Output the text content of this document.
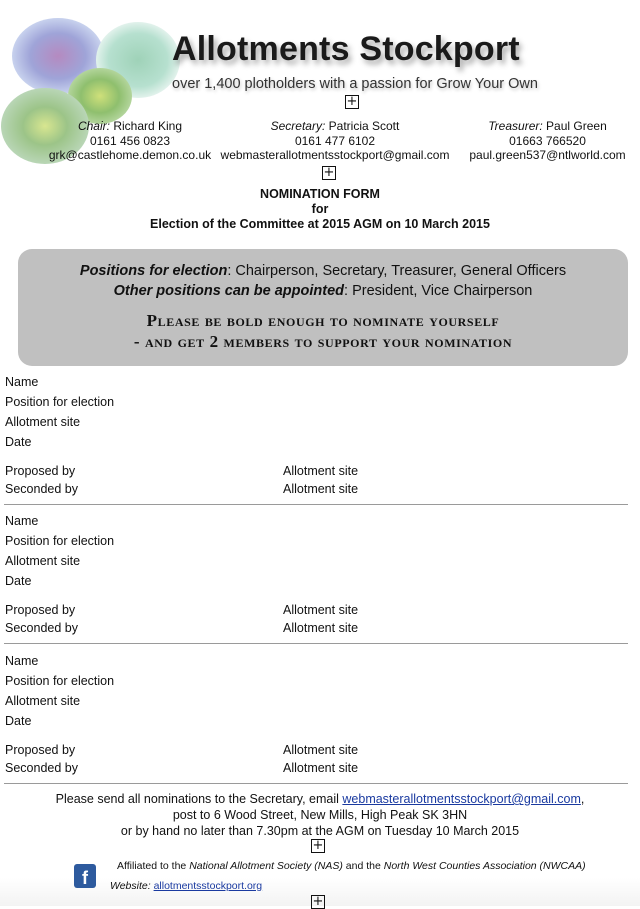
Allotments Stockport
over 1,400 plotholders with a passion for Grow Your Own
+
Chair: Richard King
0161 456 0823
grk@castlehome.demon.co.uk
Secretary: Patricia Scott
0161 477 6102
webmasterallotmentsstockport@gmail.com
Treasurer: Paul Green
01663 766520
paul.green537@ntlworld.com
+
NOMINATION FORM
for
Election of the Committee at 2015 AGM on 10 March 2015
Positions for election: Chairperson, Secretary, Treasurer, General Officers
Other positions can be appointed: President, Vice Chairperson
Please be bold enough to nominate yourself
- and get 2 members to support your nomination
Name
Position for election
Allotment site
Date
Proposed by
Seconded by
Allotment site
Allotment site
Name
Position for election
Allotment site
Date
Proposed by
Seconded by
Allotment site
Allotment site
Name
Position for election
Allotment site
Date
Proposed by
Seconded by
Allotment site
Allotment site
Please send all nominations to the Secretary, email webmasterallotmentsstockport@gmail.com,
post to 6 Wood Street, New Mills, High Peak SK 3HN
or by hand no later than 7.30pm at the AGM on Tuesday 10 March 2015
+
f
Affiliated to the National Allotment Society (NAS) and the North West Counties Association (NWCAA)
Website: allotmentsstockport.org
+
